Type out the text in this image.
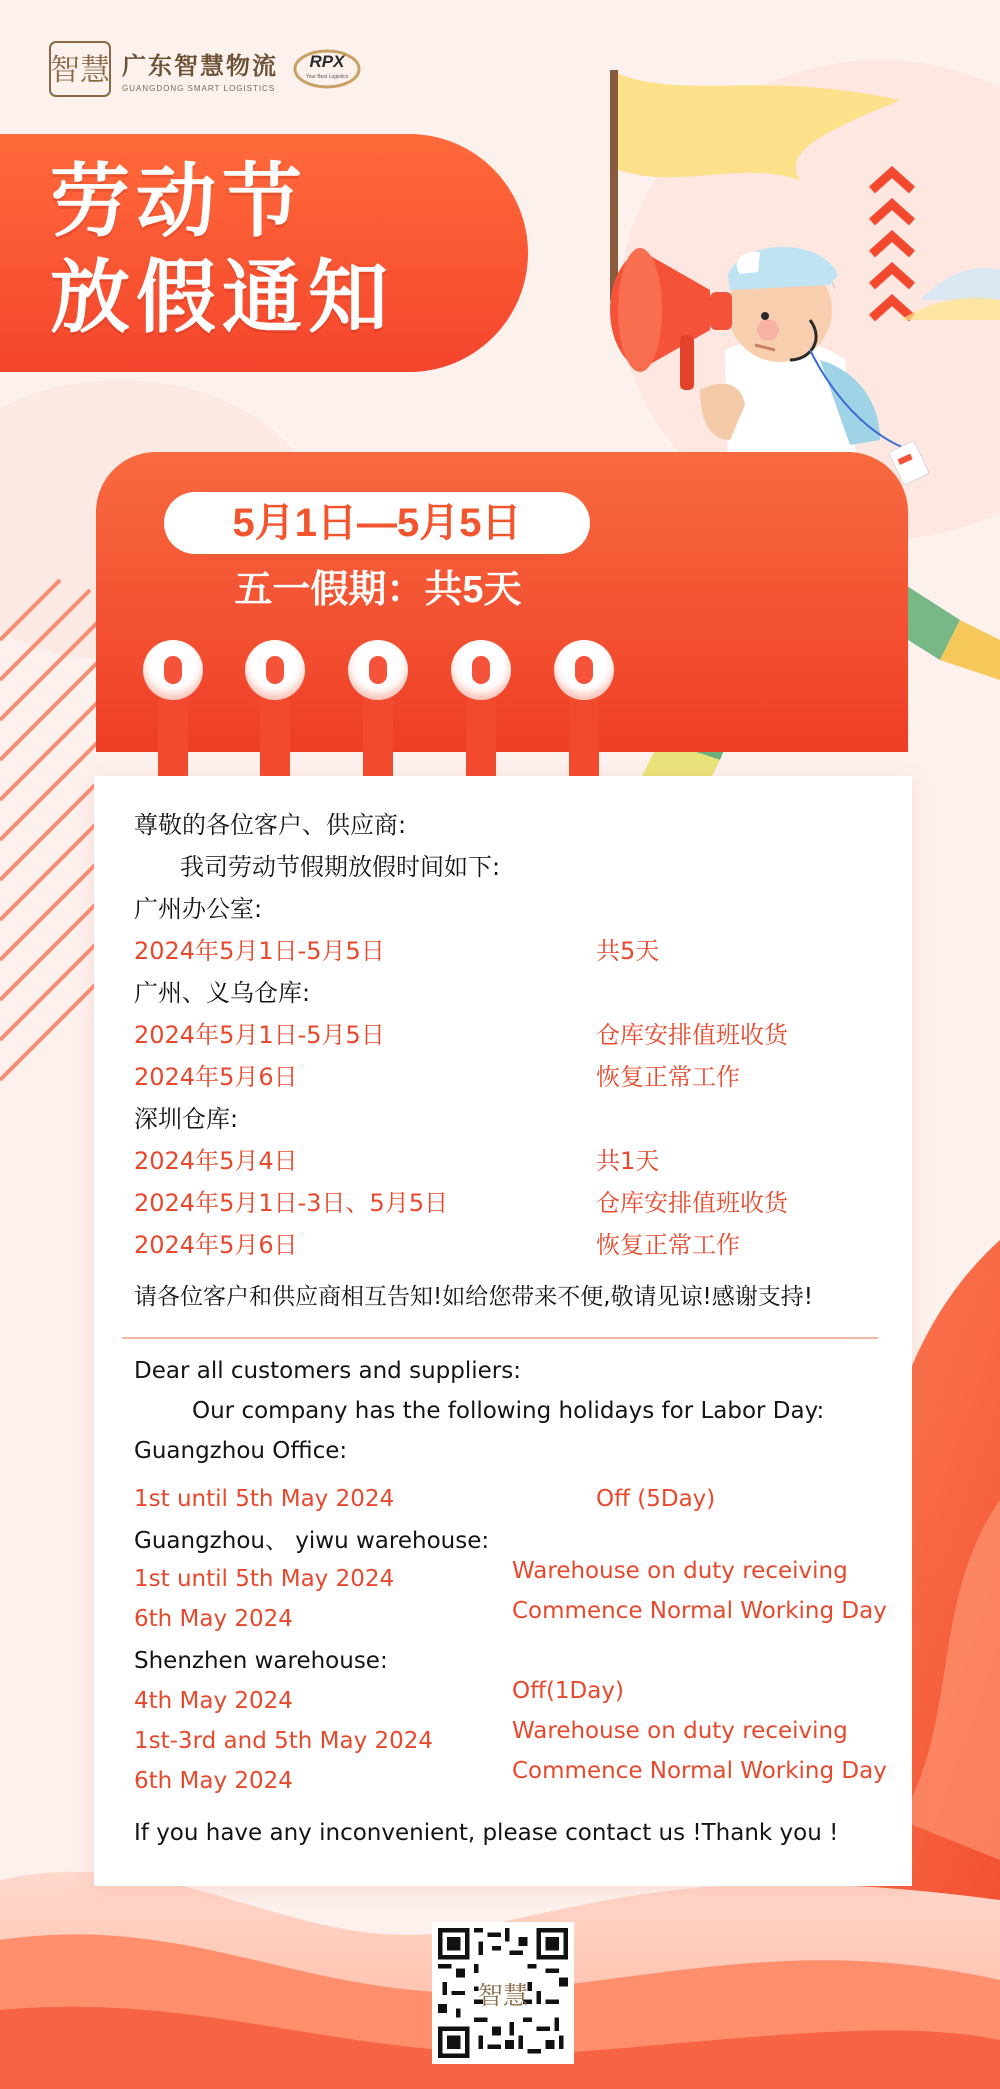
智慧 广东智慧物流
GUANGDONG SMART LOGISTICS
RPX
Your Best Logistics
劳动节
放假通知
5月1日—5月5日
五一假期：共5天
尊敬的各位客户、供应商:
我司劳动节假期放假时间如下:
广州办公室:
2024年5月1日-5月5日	共5天
广州、义乌仓库:
2024年5月1日-5月5日	仓库安排值班收货
2024年5月6日	恢复正常工作
深圳仓库:
2024年5月4日	共1天
2024年5月1日-3日、5月5日	仓库安排值班收货
2024年5月6日	恢复正常工作
请各位客户和供应商相互告知!如给您带来不便,敬请见谅!感谢支持!
Dear all customers and suppliers:
Our company has the following holidays for Labor Day:
Guangzhou Office:
1st until 5th May 2024	Off (5Day)
Guangzhou、 yiwu warehouse:
1st until 5th May 2024	Warehouse on duty receiving
6th May 2024	Commence Normal Working Day
Shenzhen warehouse:
4th May 2024	Off(1Day)
1st-3rd and 5th May 2024	Warehouse on duty receiving
6th May 2024	Commence Normal Working Day
If you have any inconvenient, please contact us !Thank you !
智慧
